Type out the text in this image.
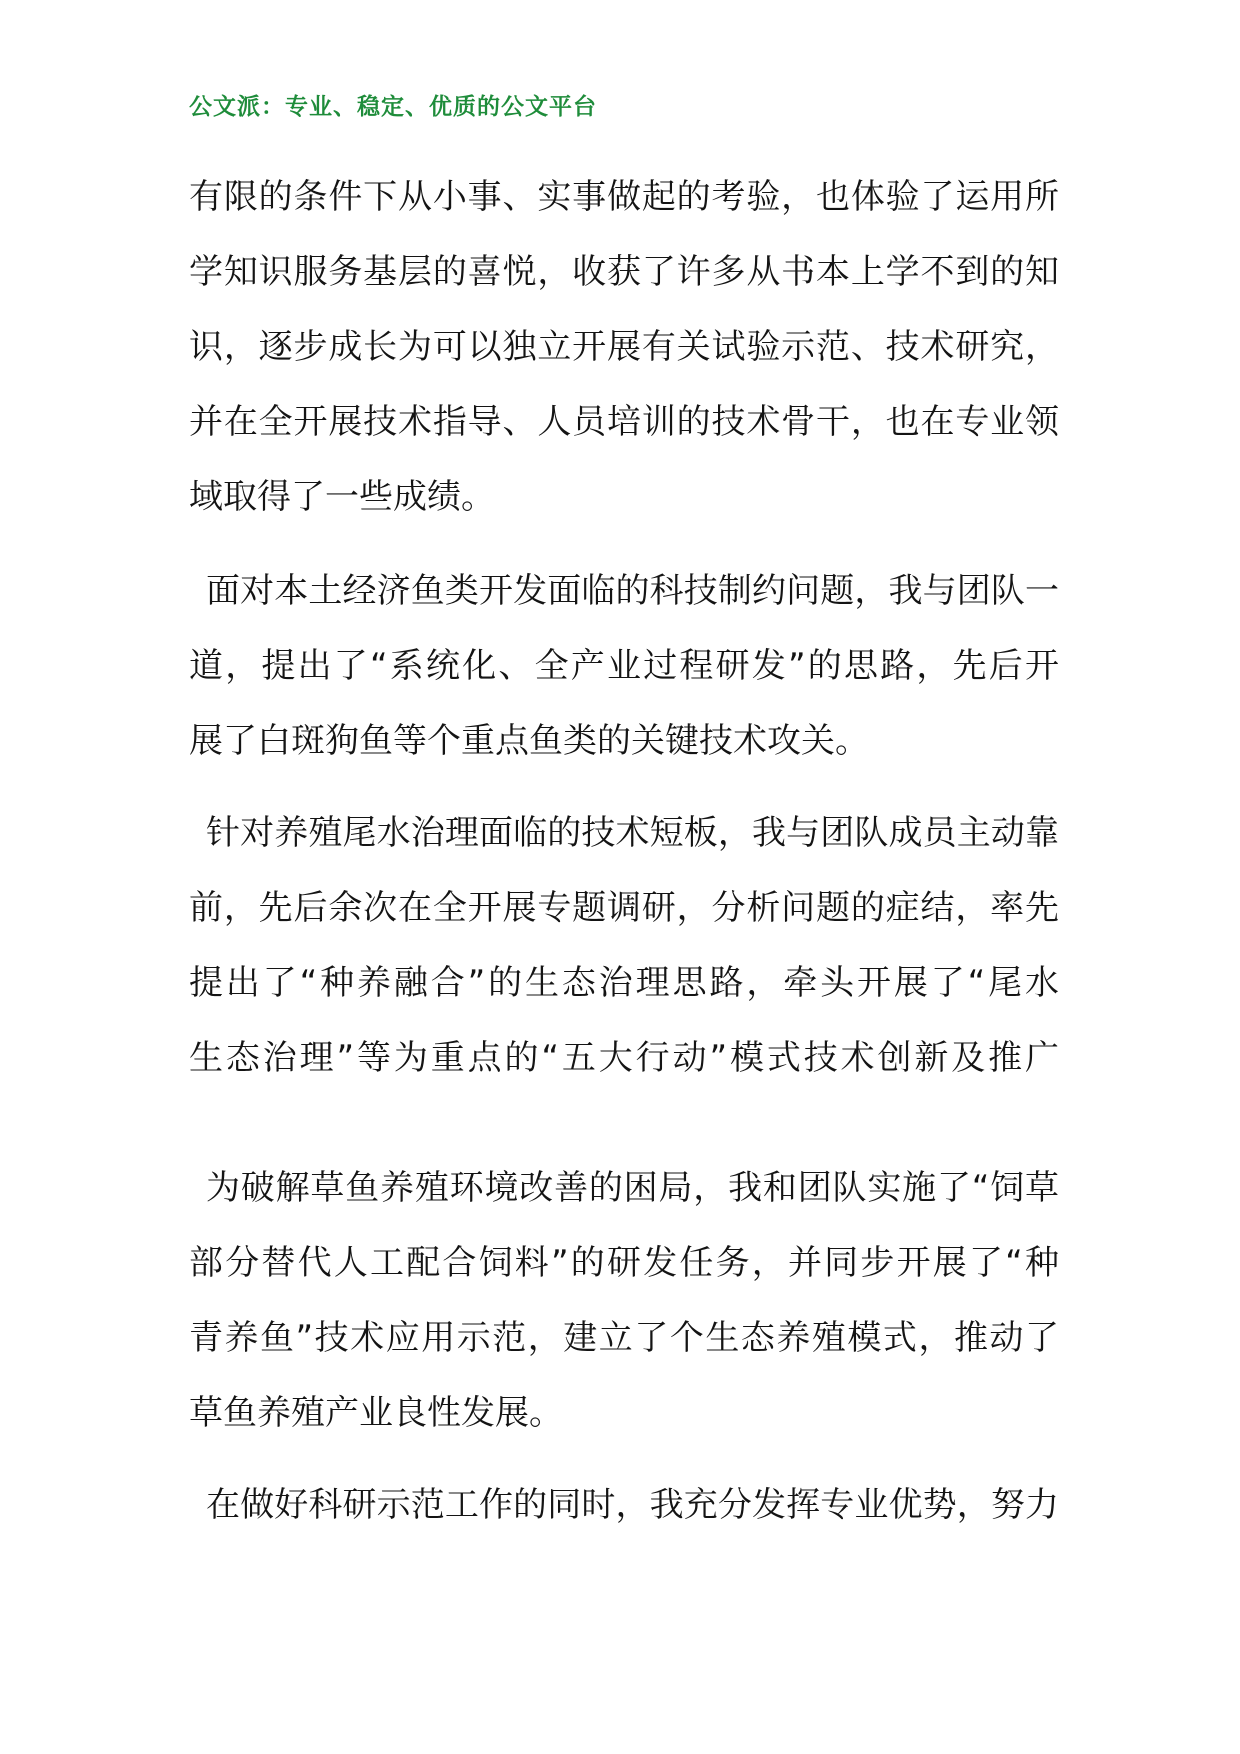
公文派：专业、稳定、优质的公文平台
有限的条件下从小事、实事做起的考验，也体验了运用所
学知识服务基层的喜悦，收获了许多从书本上学不到的知
识，逐步成长为可以独立开展有关试验示范、技术研究，
并在全开展技术指导、人员培训的技术骨干，也在专业领
域取得了一些成绩。
面对本土经济鱼类开发面临的科技制约问题，我与团队一
道，提出了“系统化、全产业过程研发”的思路，先后开
展了白斑狗鱼等个重点鱼类的关键技术攻关。
针对养殖尾水治理面临的技术短板，我与团队成员主动靠
前，先后余次在全开展专题调研，分析问题的症结，率先
提出了“种养融合”的生态治理思路，牵头开展了“尾水
生态治理”等为重点的“五大行动”模式技术创新及推广
为破解草鱼养殖环境改善的困局，我和团队实施了“饲草
部分替代人工配合饲料”的研发任务，并同步开展了“种
青养鱼”技术应用示范，建立了个生态养殖模式，推动了
草鱼养殖产业良性发展。
在做好科研示范工作的同时，我充分发挥专业优势，努力
